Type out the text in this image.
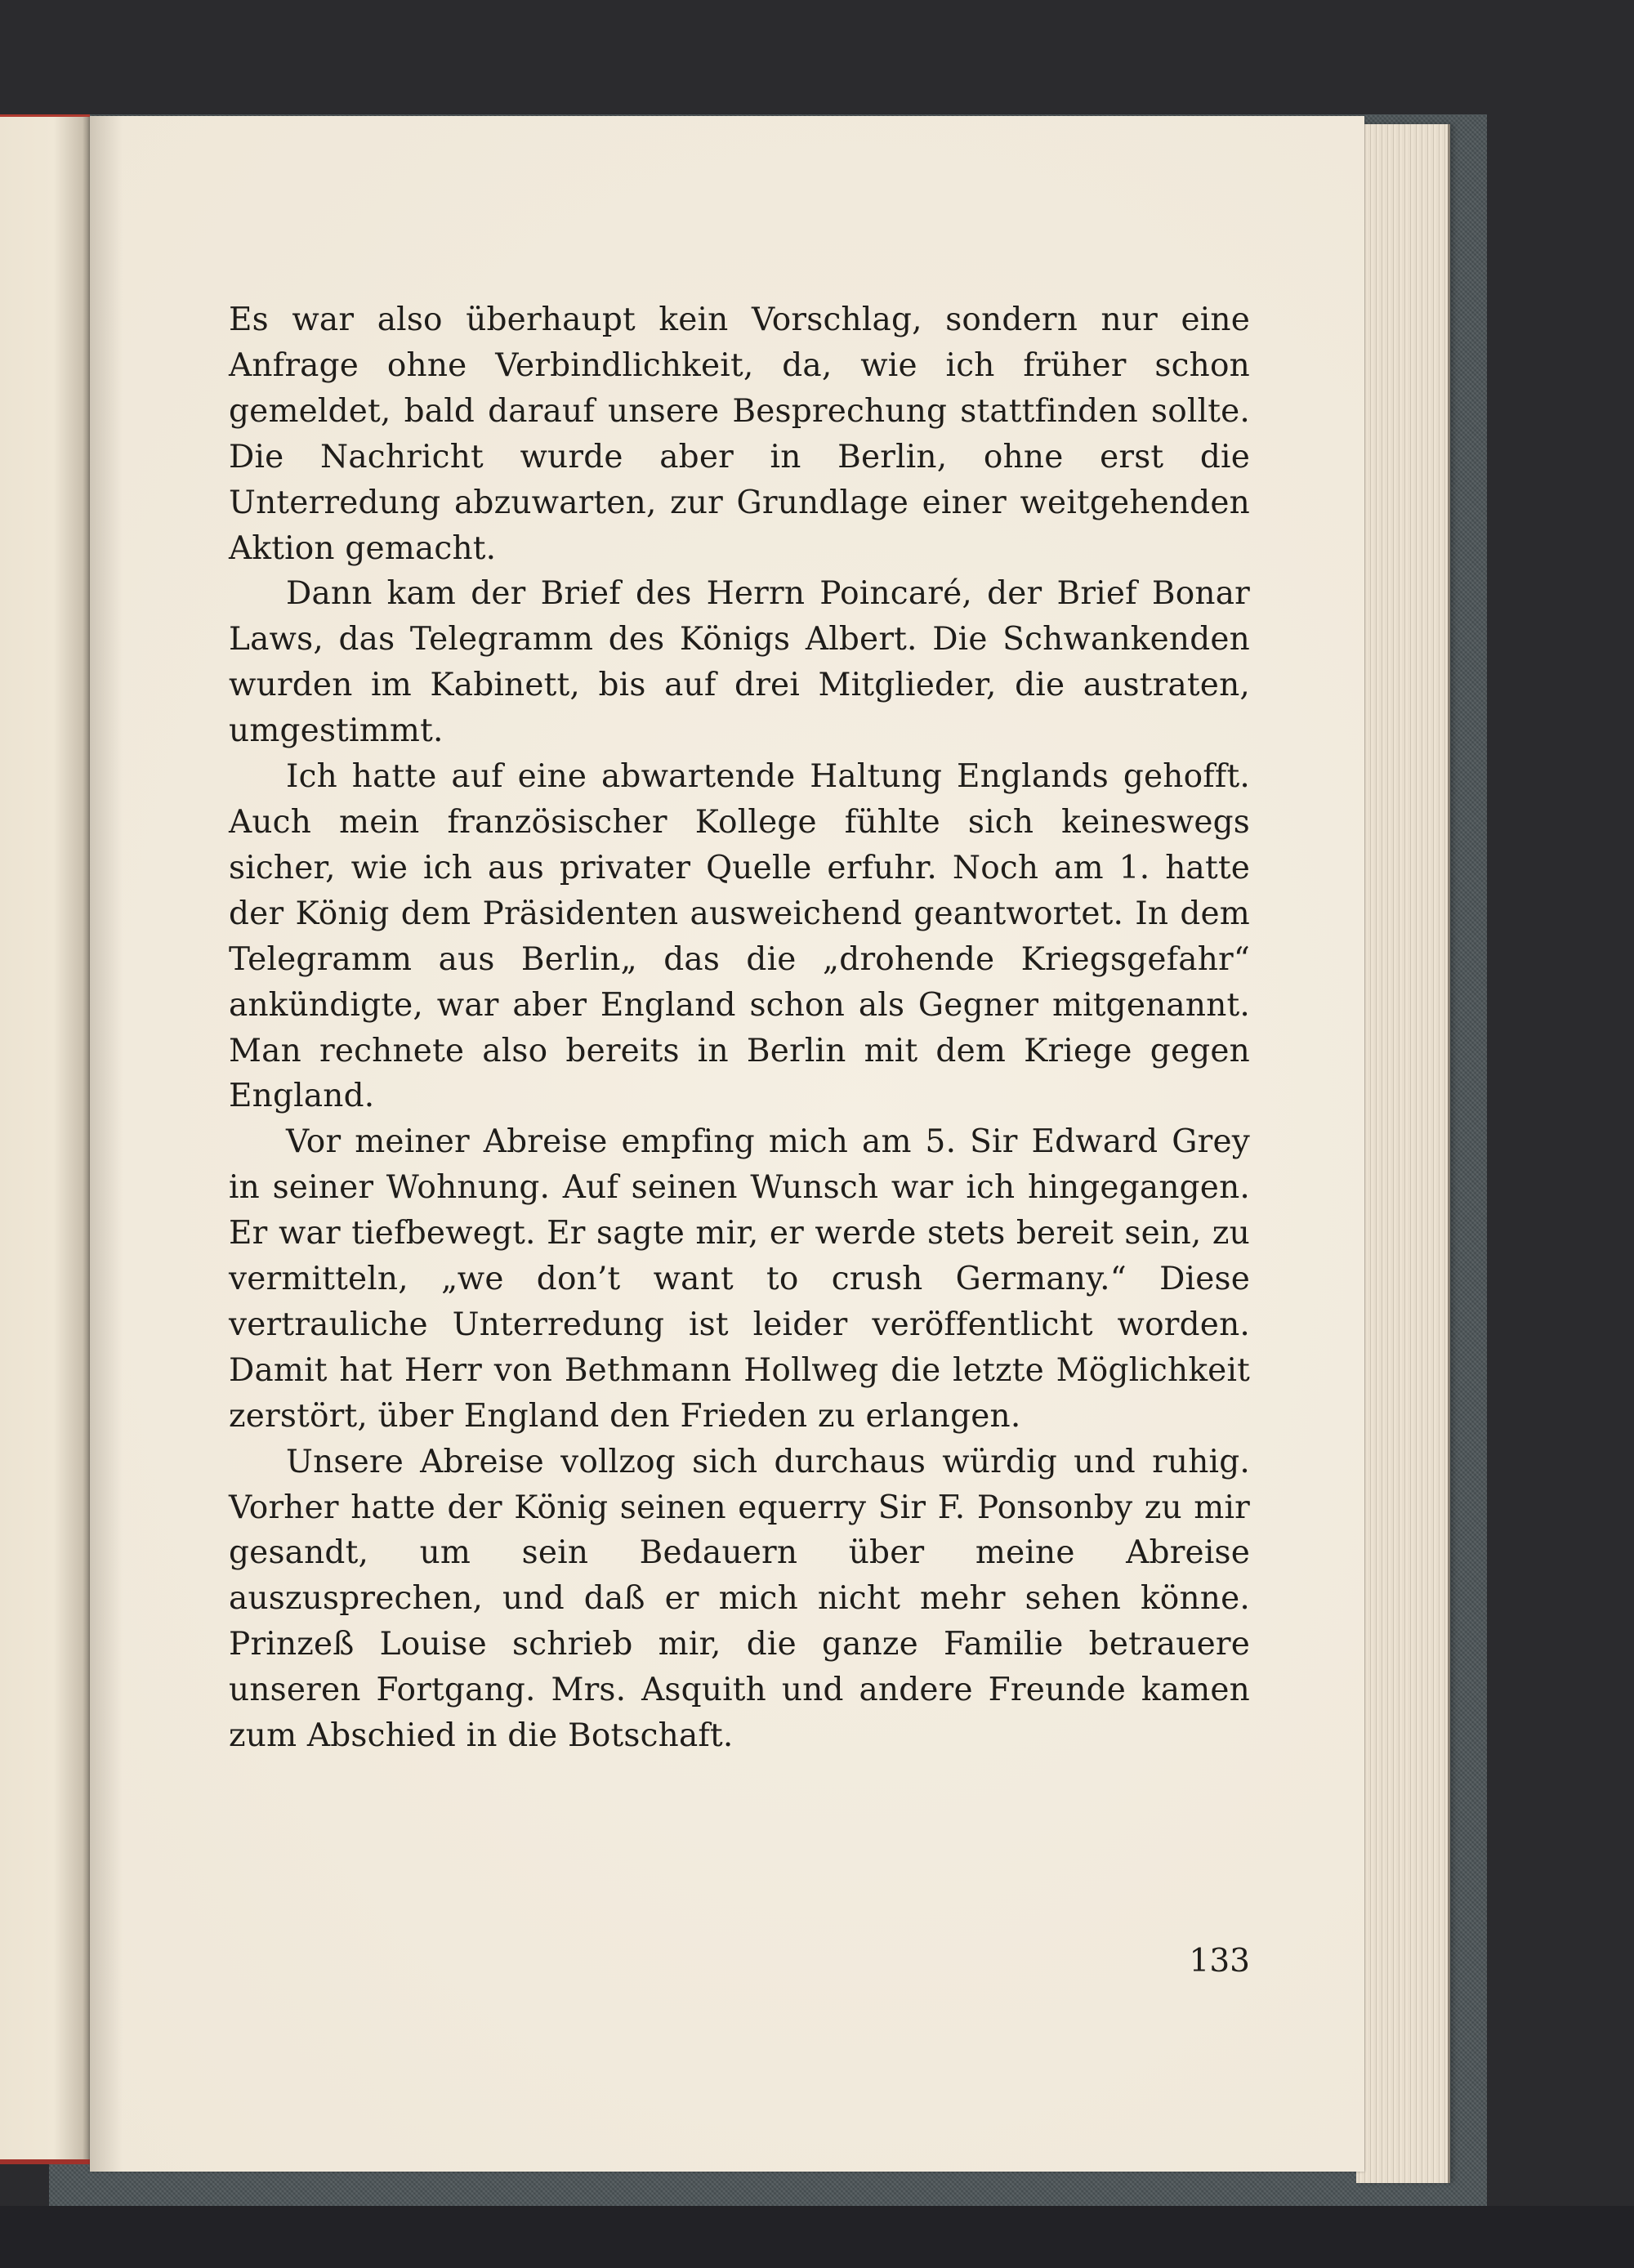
Es war also überhaupt kein Vorschlag, sondern nur eine Anfrage ohne Verbindlichkeit, da, wie ich früher schon gemeldet, bald darauf unsere Besprechung stattfinden sollte. Die Nachricht wurde aber in Berlin, ohne erst die Unterredung abzuwarten, zur Grundlage einer weitgehenden Aktion gemacht.

Dann kam der Brief des Herrn Poincaré, der Brief Bonar Laws, das Telegramm des Königs Albert. Die Schwankenden wurden im Kabinett, bis auf drei Mitglieder, die austraten, umgestimmt.

Ich hatte auf eine abwartende Haltung Englands gehofft. Auch mein französischer Kollege fühlte sich keineswegs sicher, wie ich aus privater Quelle erfuhr. Noch am 1. hatte der König dem Präsidenten ausweichend geantwortet. In dem Telegramm aus Berlin„ das die „drohende Kriegsgefahr“ ankündigte, war aber England schon als Gegner mitgenannt. Man rechnete also bereits in Berlin mit dem Kriege gegen England.

Vor meiner Abreise empfing mich am 5. Sir Edward Grey in seiner Wohnung. Auf seinen Wunsch war ich hingegangen. Er war tiefbewegt. Er sagte mir, er werde stets bereit sein, zu vermitteln, „we don’t want to crush Germany.“ Diese vertrauliche Unterredung ist leider veröffentlicht worden. Damit hat Herr von Bethmann Hollweg die letzte Möglichkeit zerstört, über England den Frieden zu erlangen.

Unsere Abreise vollzog sich durchaus würdig und ruhig. Vorher hatte der König seinen equerry Sir F. Ponsonby zu mir gesandt, um sein Bedauern über meine Abreise auszusprechen, und daß er mich nicht mehr sehen könne. Prinzeß Louise schrieb mir, die ganze Familie betrauere unseren Fortgang. Mrs. Asquith und andere Freunde kamen zum Abschied in die Botschaft.

133
